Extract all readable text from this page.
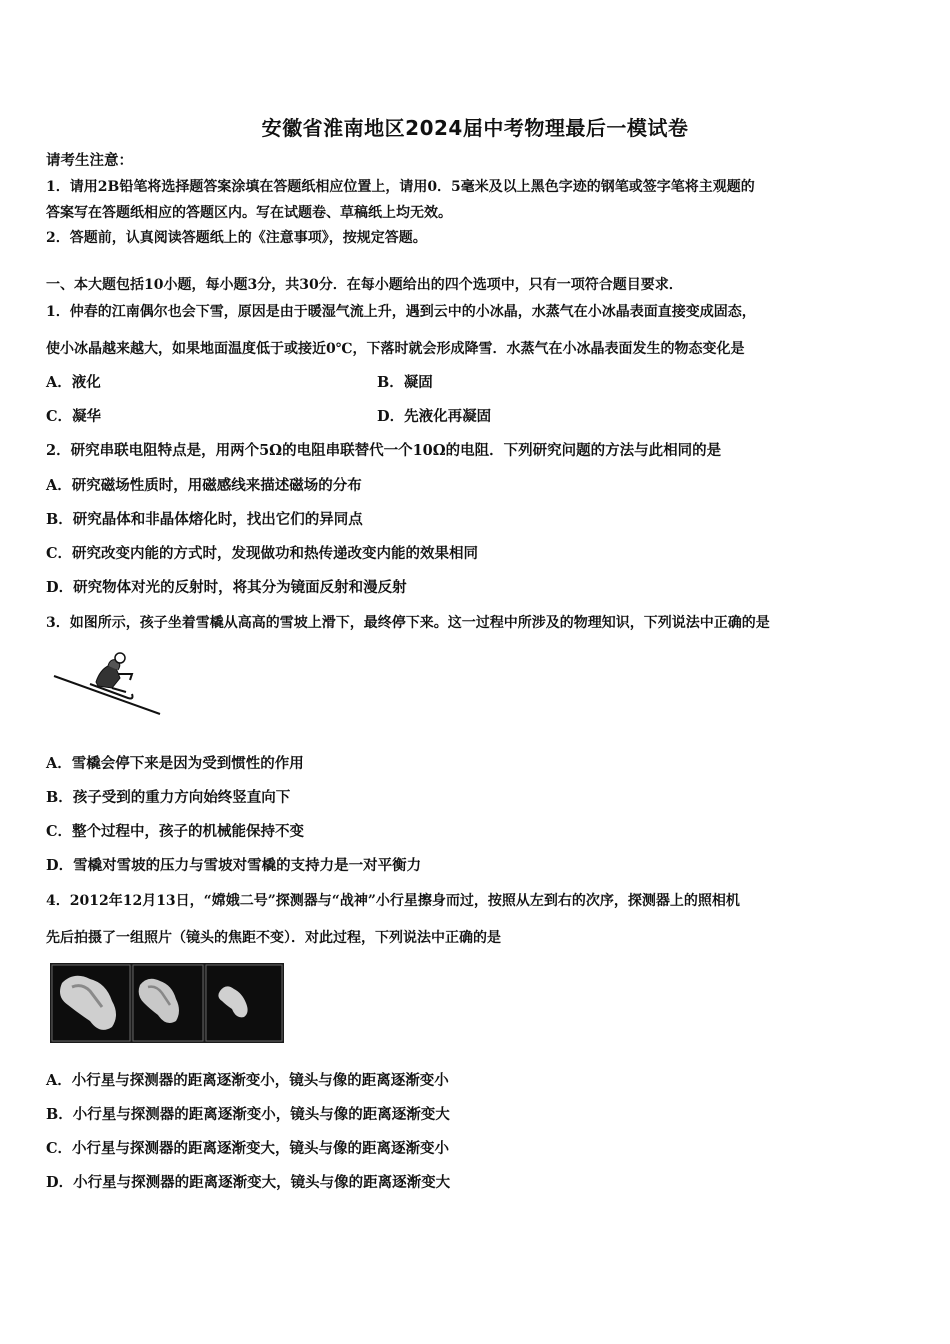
安徽省淮南地区2024届中考物理最后一模试卷
请考生注意：
1．请用2B铅笔将选择题答案涂填在答题纸相应位置上，请用0．5毫米及以上黑色字迹的钢笔或签字笔将主观题的
答案写在答题纸相应的答题区内。写在试题卷、草稿纸上均无效。
2．答题前，认真阅读答题纸上的《注意事项》，按规定答题。
一、本大题包括10小题，每小题3分，共30分．在每小题给出的四个选项中，只有一项符合题目要求．
1．仲春的江南偶尔也会下雪，原因是由于暖湿气流上升，遇到云中的小冰晶，水蒸气在小冰晶表面直接变成固态，
使小冰晶越来越大，如果地面温度低于或接近0℃，下落时就会形成降雪．水蒸气在小冰晶表面发生的物态变化是
A．液化	B．凝固
C．凝华	D．先液化再凝固
2．研究串联电阻特点是，用两个5Ω的电阻串联替代一个10Ω的电阻．下列研究问题的方法与此相同的是
A．研究磁场性质时，用磁感线来描述磁场的分布
B．研究晶体和非晶体熔化时，找出它们的异同点
C．研究改变内能的方式时，发现做功和热传递改变内能的效果相同
D．研究物体对光的反射时，将其分为镜面反射和漫反射
3．如图所示，孩子坐着雪橇从高高的雪坡上滑下，最终停下来。这一过程中所涉及的物理知识，下列说法中正确的是
A．雪橇会停下来是因为受到惯性的作用
B．孩子受到的重力方向始终竖直向下
C．整个过程中，孩子的机械能保持不变
D．雪橇对雪坡的压力与雪坡对雪橇的支持力是一对平衡力
4．2012年12月13日，“嫦娥二号”探测器与“战神”小行星擦身而过，按照从左到右的次序，探测器上的照相机
先后拍摄了一组照片（镜头的焦距不变）．对此过程，下列说法中正确的是
A．小行星与探测器的距离逐渐变小，镜头与像的距离逐渐变小
B．小行星与探测器的距离逐渐变小，镜头与像的距离逐渐变大
C．小行星与探测器的距离逐渐变大，镜头与像的距离逐渐变小
D．小行星与探测器的距离逐渐变大，镜头与像的距离逐渐变大
